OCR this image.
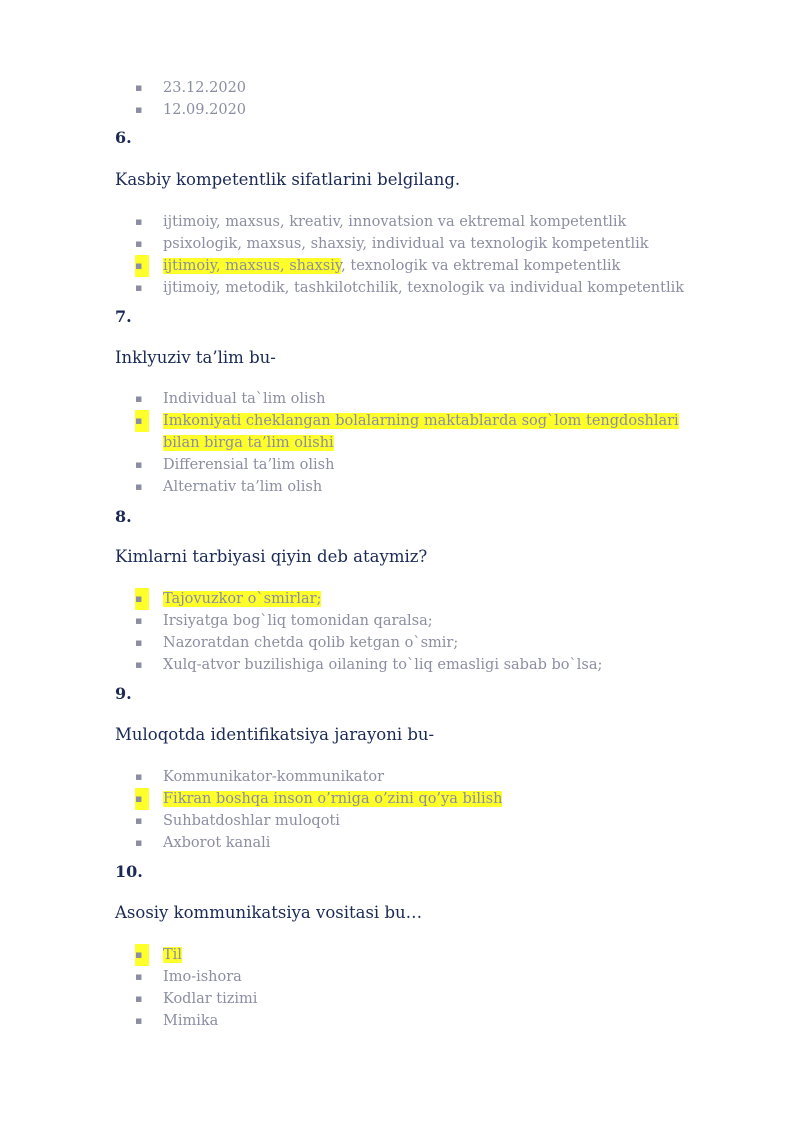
▪	23.12.2020
▪	12.09.2020
6.
Kasbiy kompetentlik sifatlarini belgilang.
▪	ijtimoiy, maxsus, kreativ, innovatsion va ektremal kompetentlik
▪	psixologik, maxsus, shaxsiy, individual va texnologik kompetentlik
▪	ijtimoiy, maxsus, shaxsiy, texnologik va ektremal kompetentlik
▪	ijtimoiy, metodik, tashkilotchilik, texnologik va individual kompetentlik
7.
Inklyuziv ta’lim bu-
▪	Individual ta`lim olish
▪	Imkoniyati cheklangan bolalarning maktablarda sog`lom tengdoshlari
bilan birga ta’lim olishi
▪	Differensial ta’lim olish
▪	Alternativ ta’lim olish
8.
Kimlarni tarbiyasi qiyin deb ataymiz?
▪	Tajovuzkor o`smirlar;
▪	Irsiyatga bog`liq tomonidan qaralsa;
▪	Nazoratdan chetda qolib ketgan o`smir;
▪	Xulq-atvor buzilishiga oilaning to`liq emasligi sabab bo`lsa;
9.
Muloqotda identifikatsiya jarayoni bu-
▪	Kommunikator-kommunikator
▪	Fikran boshqa inson o’rniga o’zini qo’ya bilish
▪	Suhbatdoshlar muloqoti
▪	Axborot kanali
10.
Asosiy kommunikatsiya vositasi bu…
▪	Til
▪	Imo-ishora
▪	Kodlar tizimi
▪	Mimika
